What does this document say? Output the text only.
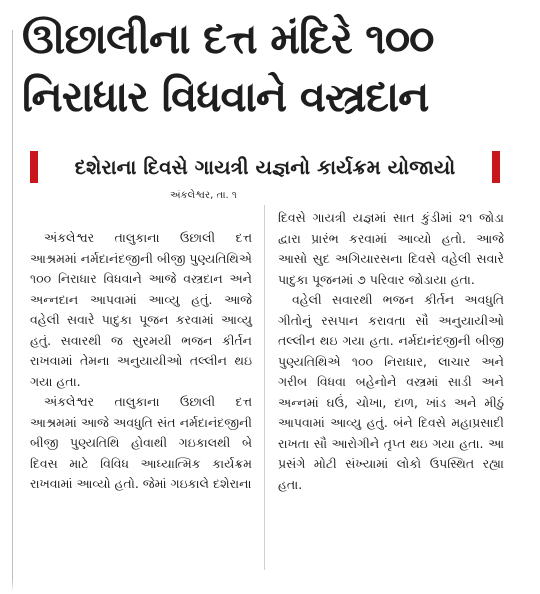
ઊછાલીના દત્ત મંદિરે ૧૦૦ નિરાધાર વિધવાને વસ્ત્રદાન
દશેરાના દિવસે ગાયત્રી યજ્ઞનો કાર્યક્રમ યોજાયો
અંકલેશ્વર, તા. ૧

અંકલેશ્વર તાલુકાના ઉછાલી દત્ત આશ્રમમાં નર્મદાનંદજીની બીજી પુણ્યતિથિએ ૧૦૦ નિરાધાર વિધવાને આજે વસ્ત્રદાન અને અન્નદાન આપવામાં આવ્યુ હતું. આજે વહેલી સવારે પાદુકા પૂજન કરવામાં આવ્યુ હતું. સવારથી જ સુરમયી ભજન કીર્તન રાખવામાં તેમના અનુયાયીઓ તલ્લીન થઇ ગયા હતા.

અંકલેશ્વર તાલુકાના ઉછાલી દત્ત આશ્રમમાં આજે અવધુતિ સંત નર્મદાનંદજીની બીજી પુણ્યતિથિ હોવાથી ગઇકાલથી બે દિવસ માટે વિવિધ આધ્યાત્મિક કાર્યક્રમ રાખવામાં આવ્યો હતો. જેમાં ગઇકાલે દશેરાના

દિવસે ગાયત્રી યજ્ઞમાં સાત કુંડીમાં ૨૧ જોડા દ્વારા પ્રારંભ કરવામાં આવ્યો હતો. આજે આસો સુદ અગિયારસના દિવસે વહેલી સવારે પાદુકા પૂજનમાં ૭ પરિવાર જોડાયા હતા.

વહેલી સવારથી ભજન કીર્તન અવધુતિ ગીતોનું રસપાન કરાવતા સૌ અનુયાયીઓ તલ્લીન થઇ ગયા હતા. નર્મદાનંદજીની બીજી પુણ્યતિથિએ ૧૦૦ નિરાધાર, લાચાર અને ગરીબ વિધવા બહેનોને વસ્ત્રમાં સાડી અને અન્નમાં ઘઉં, ચોખા, દાળ, ખાંડ અને મીઠું આપવામાં આવ્યુ હતું. બંને દિવસે મહાપ્રસાદી રાખતા સૌ આરોગીને તૃપ્ત થઇ ગયા હતા. આ પ્રસંગે મોટી સંખ્યામાં લોકો ઉપસ્થિત રહ્યા હતા.
